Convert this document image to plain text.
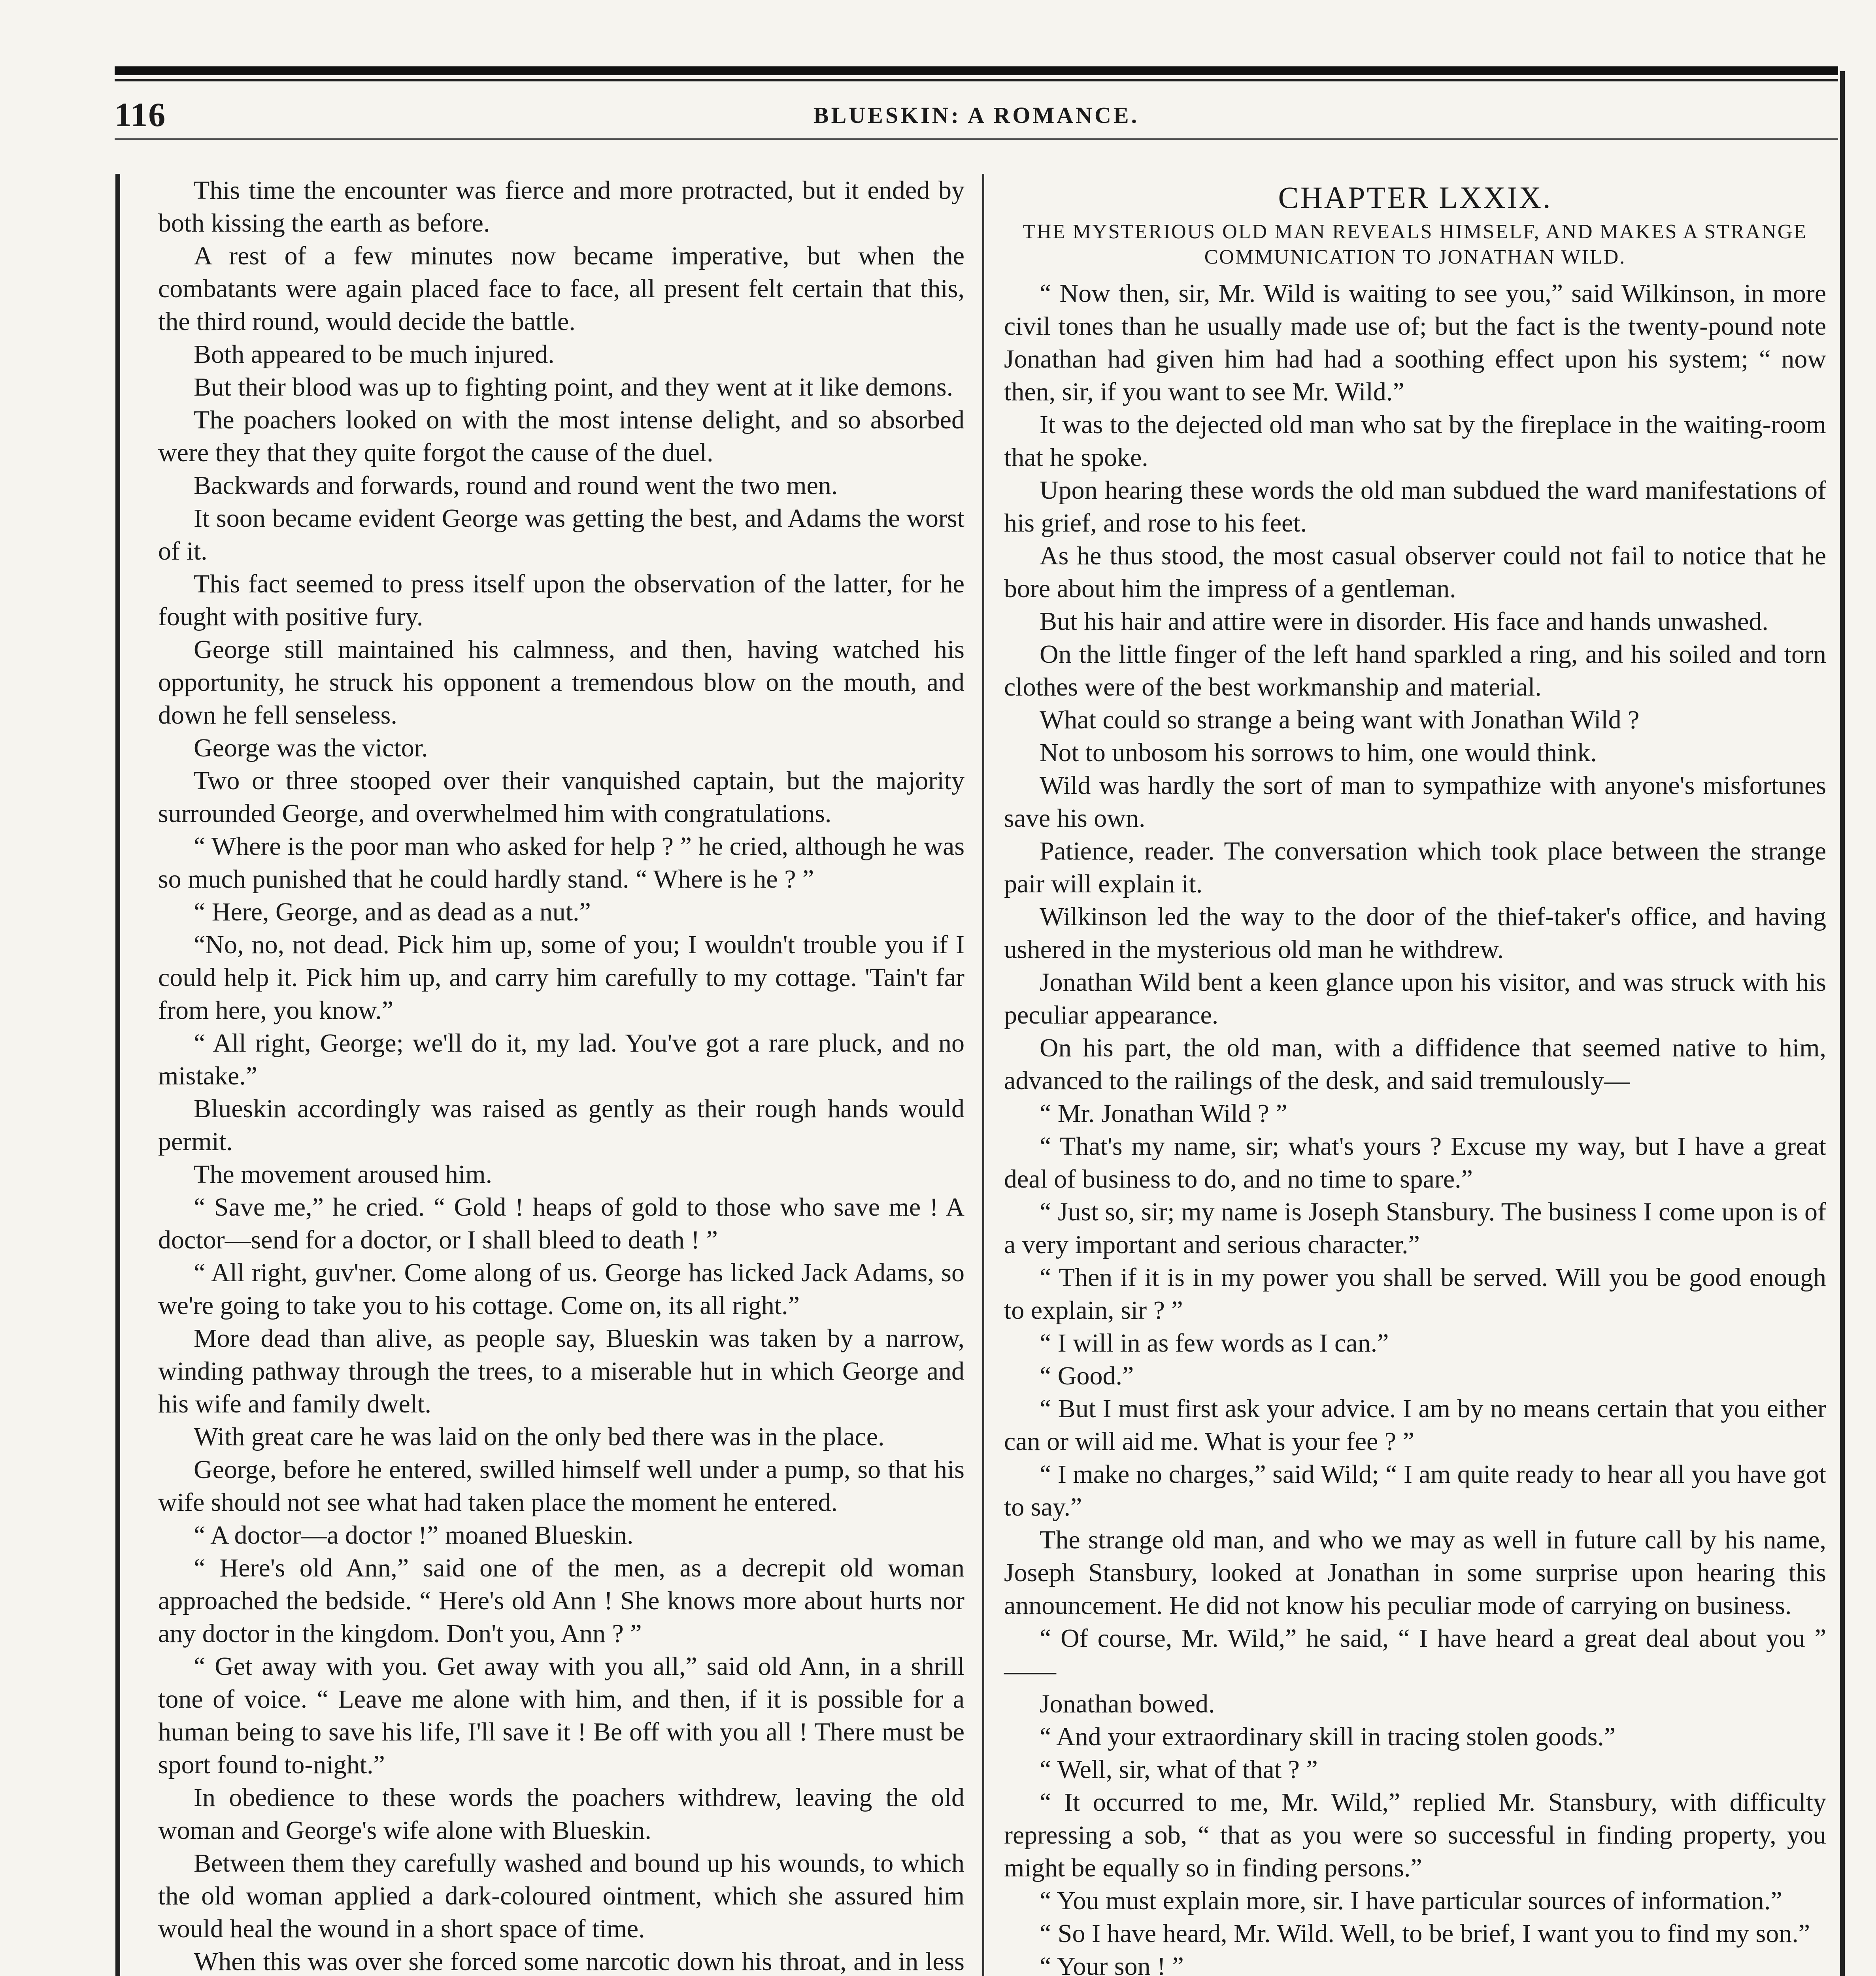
116	BLUESKIN: A ROMANCE.

This time the encounter was fierce and more protracted, but it ended by both kissing the earth as before.

A rest of a few minutes now became imperative, but when the combatants were again placed face to face, all present felt certain that this, the third round, would decide the battle.

Both appeared to be much injured.

But their blood was up to fighting point, and they went at it like demons.

The poachers looked on with the most intense delight, and so absorbed were they that they quite forgot the cause of the duel.

Backwards and forwards, round and round went the two men.

It soon became evident George was getting the best, and Adams the worst of it.

This fact seemed to press itself upon the observation of the latter, for he fought with positive fury.

George still maintained his calmness, and then, having watched his opportunity, he struck his opponent a tremendous blow on the mouth, and down he fell senseless.

George was the victor.

Two or three stooped over their vanquished captain, but the majority surrounded George, and overwhelmed him with congratulations.

“ Where is the poor man who asked for help ? ” he cried, although he was so much punished that he could hardly stand. “ Where is he ? ”

“ Here, George, and as dead as a nut.”

“No, no, not dead. Pick him up, some of you; I wouldn't trouble you if I could help it. Pick him up, and carry him carefully to my cottage. 'Tain't far from here, you know.”

“ All right, George; we'll do it, my lad. You've got a rare pluck, and no mistake.”

Blueskin accordingly was raised as gently as their rough hands would permit.

The movement aroused him.

“ Save me,” he cried. “ Gold ! heaps of gold to those who save me ! A doctor—send for a doctor, or I shall bleed to death ! ”

“ All right, guv'ner. Come along of us. George has licked Jack Adams, so we're going to take you to his cottage. Come on, its all right.”

More dead than alive, as people say, Blueskin was taken by a narrow, winding pathway through the trees, to a miserable hut in which George and his wife and family dwelt.

With great care he was laid on the only bed there was in the place.

George, before he entered, swilled himself well under a pump, so that his wife should not see what had taken place the moment he entered.

“ A doctor—a doctor !” moaned Blueskin.

“ Here's old Ann,” said one of the men, as a decrepit old woman approached the bedside. “ Here's old Ann ! She knows more about hurts nor any doctor in the kingdom. Don't you, Ann ? ”

“ Get away with you. Get away with you all,” said old Ann, in a shrill tone of voice. “ Leave me alone with him, and then, if it is possible for a human being to save his life, I'll save it ! Be off with you all ! There must be sport found to-night.”

In obedience to these words the poachers withdrew, leaving the old woman and George's wife alone with Blueskin.

Between them they carefully washed and bound up his wounds, to which the old woman applied a dark-coloured ointment, which she assured him would heal the wound in a short space of time.

When this was over she forced some narcotic down his throat, and in less

CHAPTER LXXIX.
THE MYSTERIOUS OLD MAN REVEALS HIMSELF, AND MAKES A STRANGE COMMUNICATION TO JONATHAN WILD.

“ Now then, sir, Mr. Wild is waiting to see you,” said Wilkinson, in more civil tones than he usually made use of; but the fact is the twenty-pound note Jonathan had given him had had a soothing effect upon his system; “ now then, sir, if you want to see Mr. Wild.”

It was to the dejected old man who sat by the fireplace in the waiting-room that he spoke.

Upon hearing these words the old man subdued the ward manifestations of his grief, and rose to his feet.

As he thus stood, the most casual observer could not fail to notice that he bore about him the impress of a gentleman.

But his hair and attire were in disorder. His face and hands unwashed.

On the little finger of the left hand sparkled a ring, and his soiled and torn clothes were of the best workmanship and material.

What could so strange a being want with Jonathan Wild ?

Not to unbosom his sorrows to him, one would think.

Wild was hardly the sort of man to sympathize with anyone's misfortunes save his own.

Patience, reader. The conversation which took place between the strange pair will explain it.

Wilkinson led the way to the door of the thief-taker's office, and having ushered in the mysterious old man he withdrew.

Jonathan Wild bent a keen glance upon his visitor, and was struck with his peculiar appearance.

On his part, the old man, with a diffidence that seemed native to him, advanced to the railings of the desk, and said tremulously—

“ Mr. Jonathan Wild ? ”

“ That's my name, sir; what's yours ? Excuse my way, but I have a great deal of business to do, and no time to spare.”

“ Just so, sir; my name is Joseph Stansbury. The business I come upon is of a very important and serious character.”

“ Then if it is in my power you shall be served. Will you be good enough to explain, sir ? ”

“ I will in as few words as I can.”

“ Good.”

“ But I must first ask your advice. I am by no means certain that you either can or will aid me. What is your fee ? ”

“ I make no charges,” said Wild; “ I am quite ready to hear all you have got to say.”

The strange old man, and who we may as well in future call by his name, Joseph Stansbury, looked at Jonathan in some surprise upon hearing this announcement. He did not know his peculiar mode of carrying on business.

“ Of course, Mr. Wild,” he said, “ I have heard a great deal about you ” ——

Jonathan bowed.

“ And your extraordinary skill in tracing stolen goods.”

“ Well, sir, what of that ? ”

“ It occurred to me, Mr. Wild,” replied Mr. Stansbury, with difficulty repressing a sob, “ that as you were so successful in finding property, you might be equally so in finding persons.”

“ You must explain more, sir. I have particular sources of information.”

“ So I have heard, Mr. Wild. Well, to be brief, I want you to find my son.”

“ Your son ! ”
